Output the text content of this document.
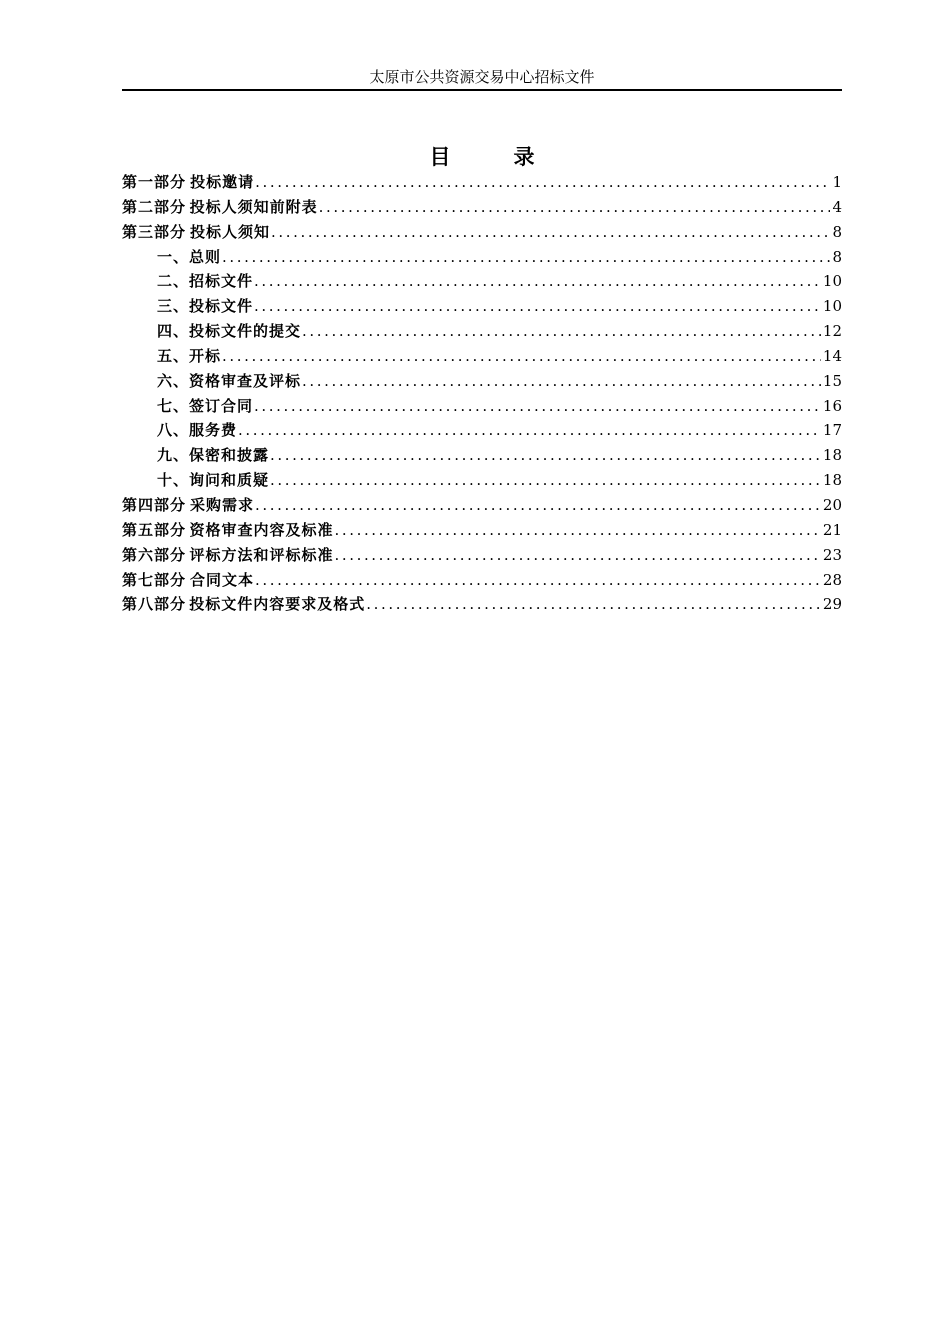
太原市公共资源交易中心招标文件
目　　　录
第一部分 投标邀请 .....	1
第二部分 投标人须知前附表 .....	4
第三部分 投标人须知 .....	8
一、总则 .....	8
二、招标文件 .....	10
三、投标文件 .....	10
四、投标文件的提交 .....	12
五、开标 .....	14
六、资格审查及评标 .....	15
七、签订合同 .....	16
八、服务费 .....	17
九、保密和披露 .....	18
十、询问和质疑 .....	18
第四部分 采购需求 .....	20
第五部分 资格审查内容及标准 .....	21
第六部分 评标方法和评标标准 .....	23
第七部分 合同文本 .....	28
第八部分 投标文件内容要求及格式 .....	29
